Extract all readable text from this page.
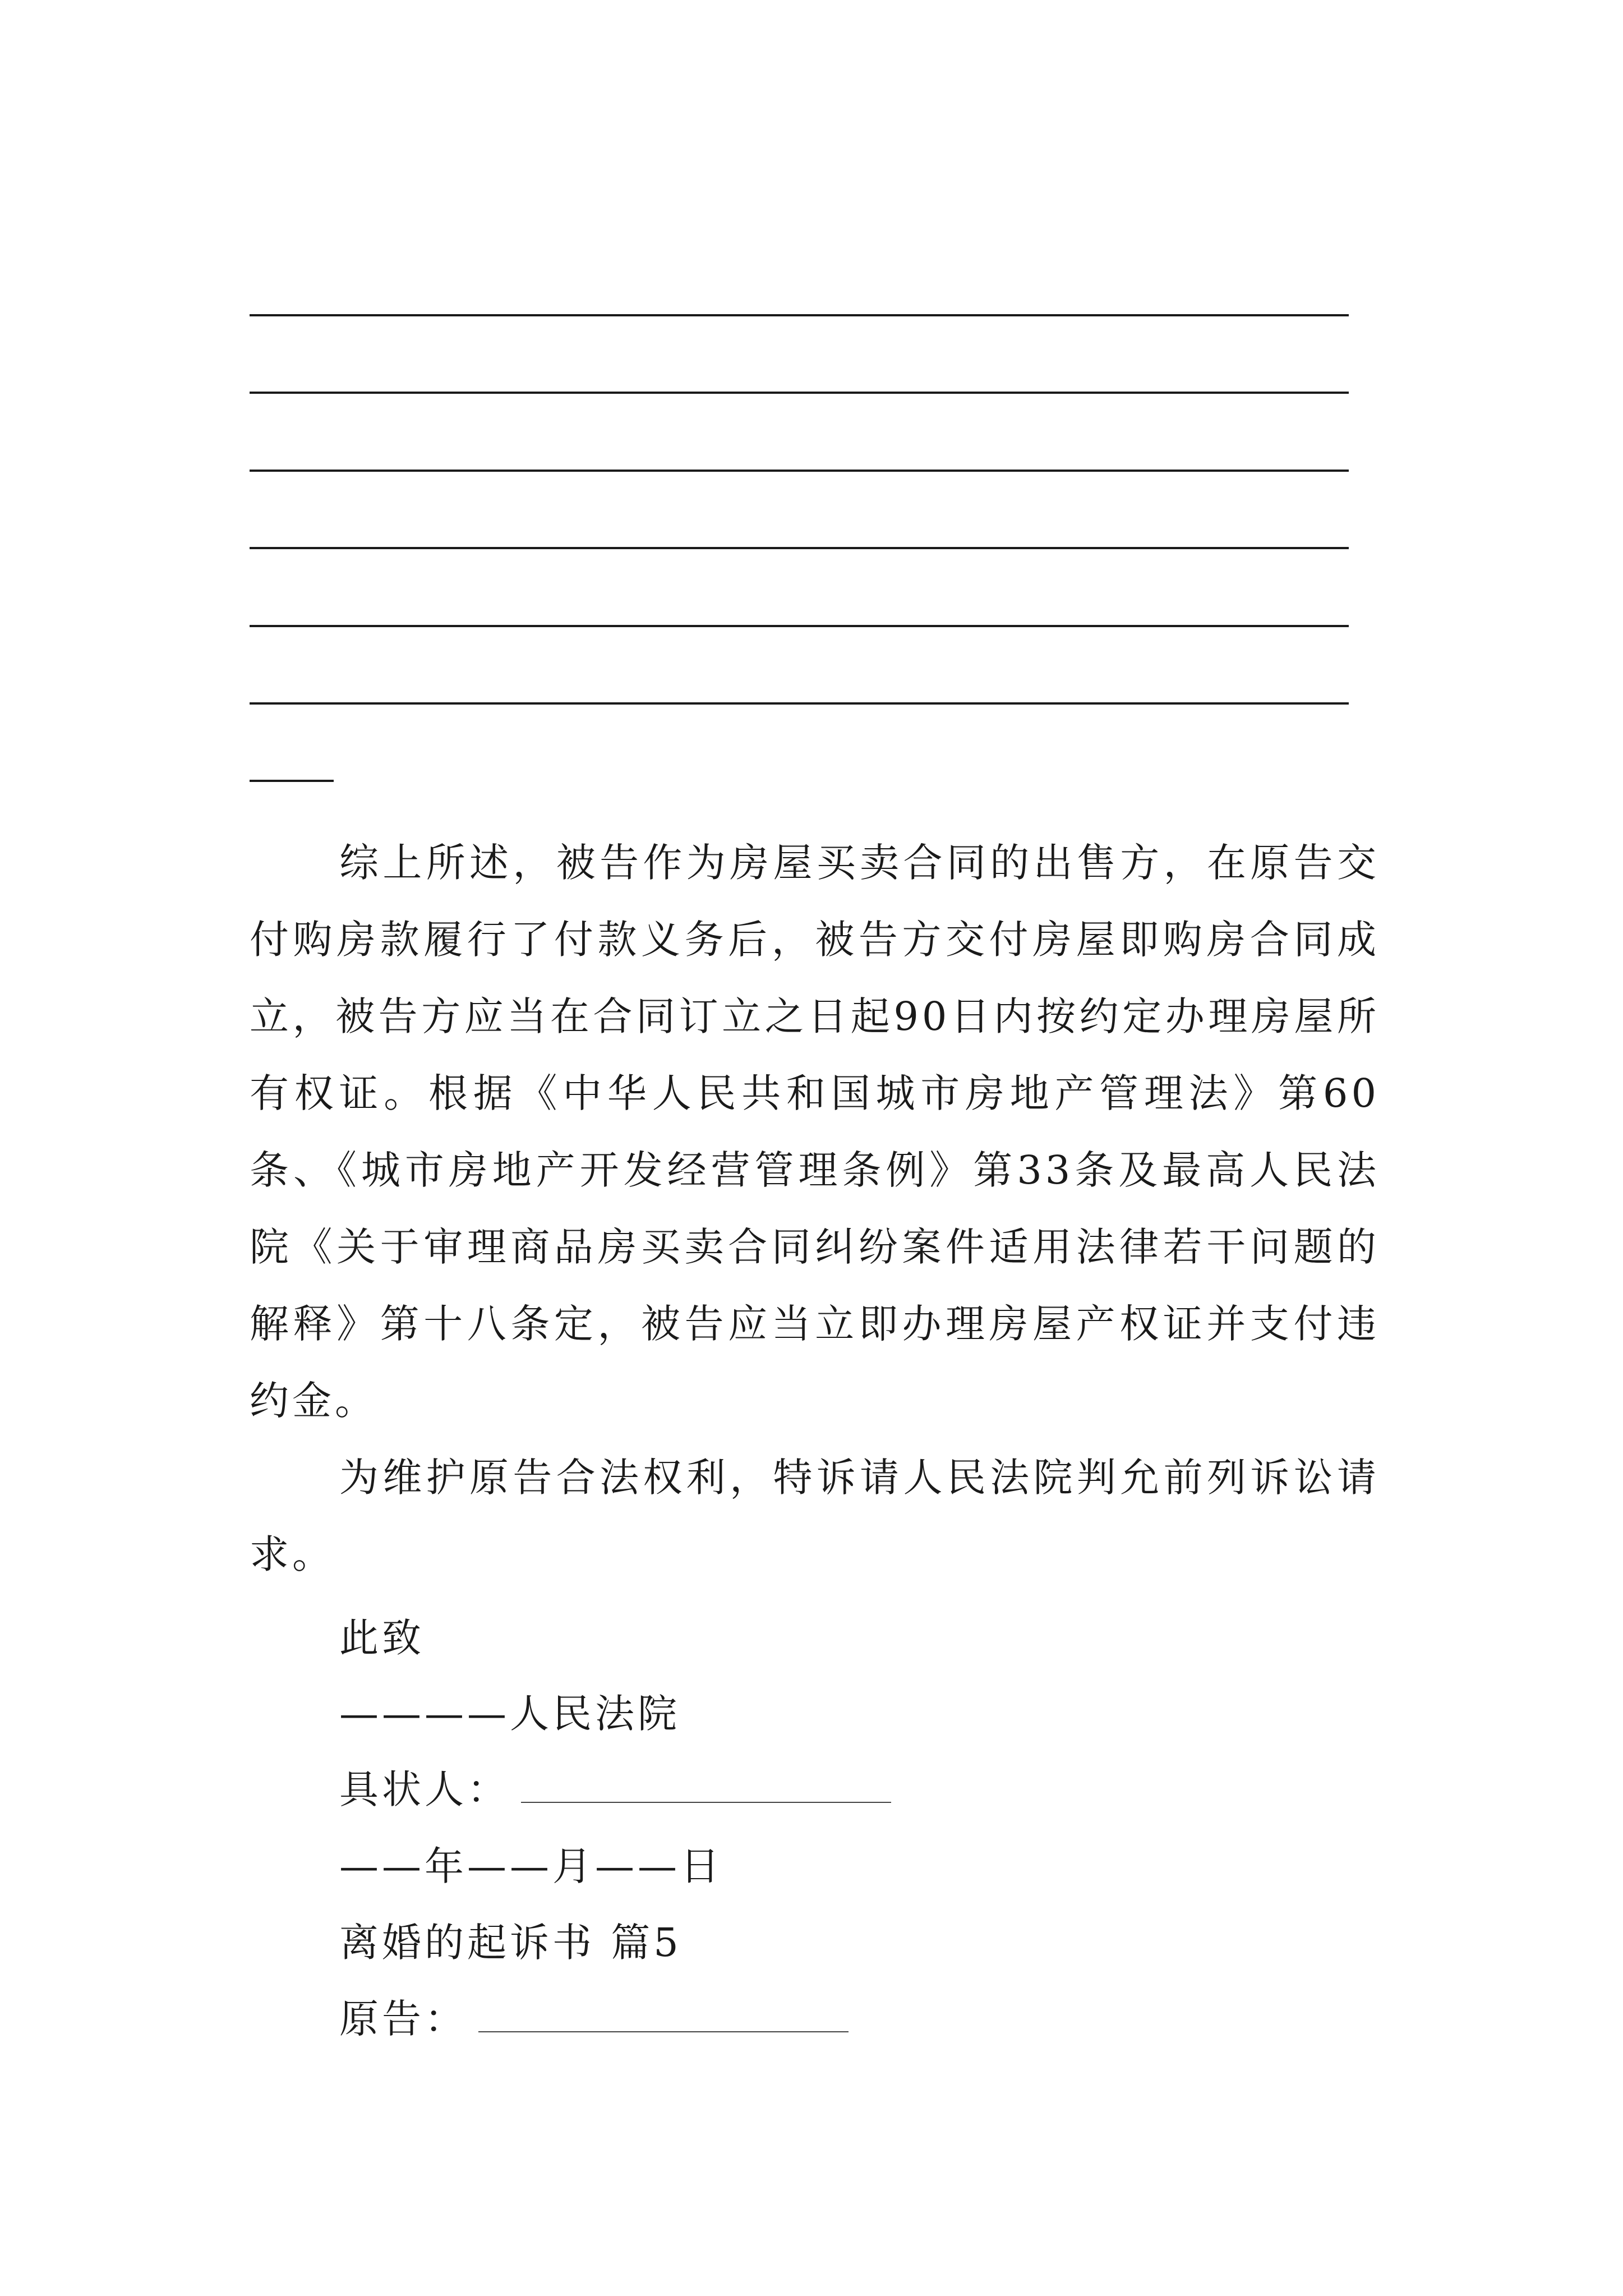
综上所述，被告作为房屋买卖合同的出售方，在原告交付购房款履行了付款义务后，被告方交付房屋即购房合同成立，被告方应当在合同订立之日起90日内按约定办理房屋所有权证。根据《中华人民共和国城市房地产管理法》第60条、《城市房地产开发经营管理条例》第33条及最高人民法院《关于审理商品房买卖合同纠纷案件适用法律若干问题的解释》第十八条定，被告应当立即办理房屋产权证并支付违约金。

为维护原告合法权利，特诉请人民法院判允前列诉讼请求。

此致
————人民法院
具状人：
——年——月——日
离婚的起诉书 篇5
原告：
